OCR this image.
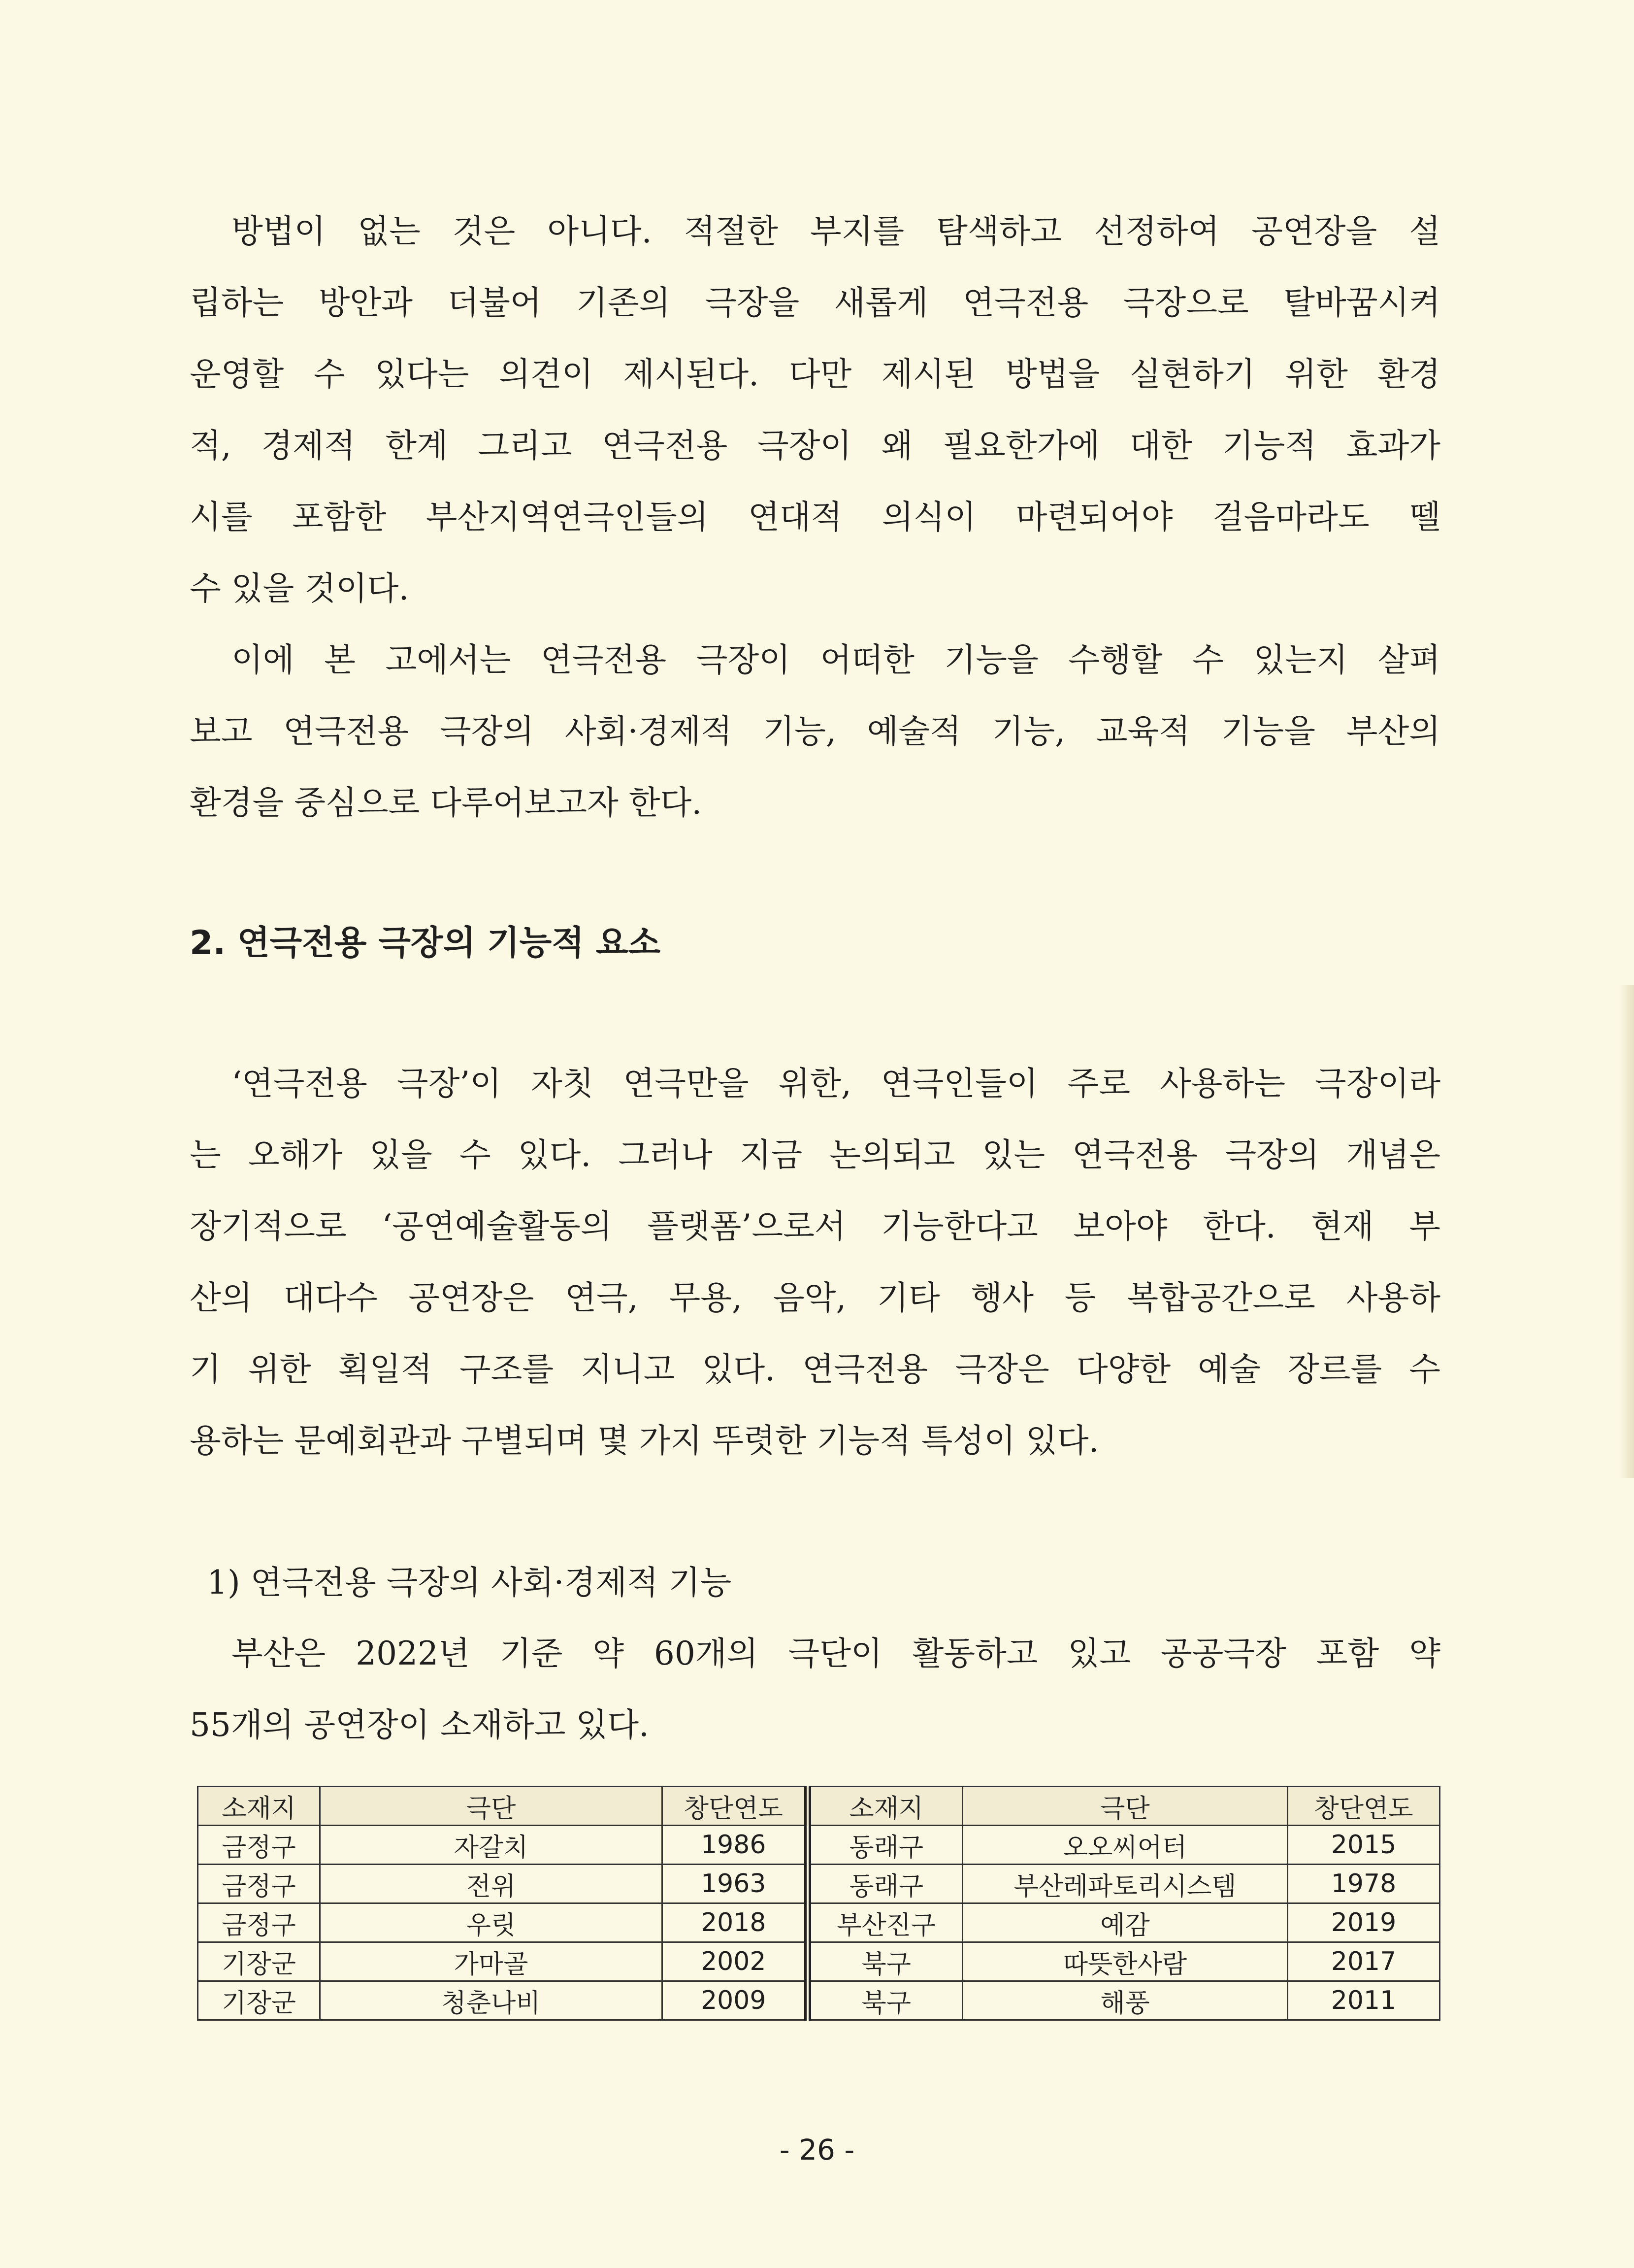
방법이 없는 것은 아니다. 적절한 부지를 탐색하고 선정하여 공연장을 설
립하는 방안과 더불어 기존의 극장을 새롭게 연극전용 극장으로 탈바꿈시켜
운영할 수 있다는 의견이 제시된다. 다만 제시된 방법을 실현하기 위한 환경
적, 경제적 한계 그리고 연극전용 극장이 왜 필요한가에 대한 기능적 효과가
시를 포함한 부산지역연극인들의 연대적 의식이 마련되어야 걸음마라도 뗄
수 있을 것이다.
이에 본 고에서는 연극전용 극장이 어떠한 기능을 수행할 수 있는지 살펴
보고 연극전용 극장의 사회·경제적 기능, 예술적 기능, 교육적 기능을 부산의
환경을 중심으로 다루어보고자 한다.
2. 연극전용 극장의 기능적 요소
‘연극전용 극장’이 자칫 연극만을 위한, 연극인들이 주로 사용하는 극장이라
는 오해가 있을 수 있다. 그러나 지금 논의되고 있는 연극전용 극장의 개념은
장기적으로 ‘공연예술활동의 플랫폼’으로서 기능한다고 보아야 한다. 현재 부
산의 대다수 공연장은 연극, 무용, 음악, 기타 행사 등 복합공간으로 사용하
기 위한 획일적 구조를 지니고 있다. 연극전용 극장은 다양한 예술 장르를 수
용하는 문예회관과 구별되며 몇 가지 뚜렷한 기능적 특성이 있다.
1) 연극전용 극장의 사회·경제적 기능
부산은 2022년 기준 약 60개의 극단이 활동하고 있고 공공극장 포함 약
55개의 공연장이 소재하고 있다.
소재지	극단	창단연도	소재지	극단	창단연도
금정구	자갈치	1986	동래구	오오씨어터	2015
금정구	전위	1963	동래구	부산레파토리시스템	1978
금정구	우릿	2018	부산진구	예감	2019
기장군	가마골	2002	북구	따뜻한사람	2017
기장군	청춘나비	2009	북구	해풍	2011
- 26 -
